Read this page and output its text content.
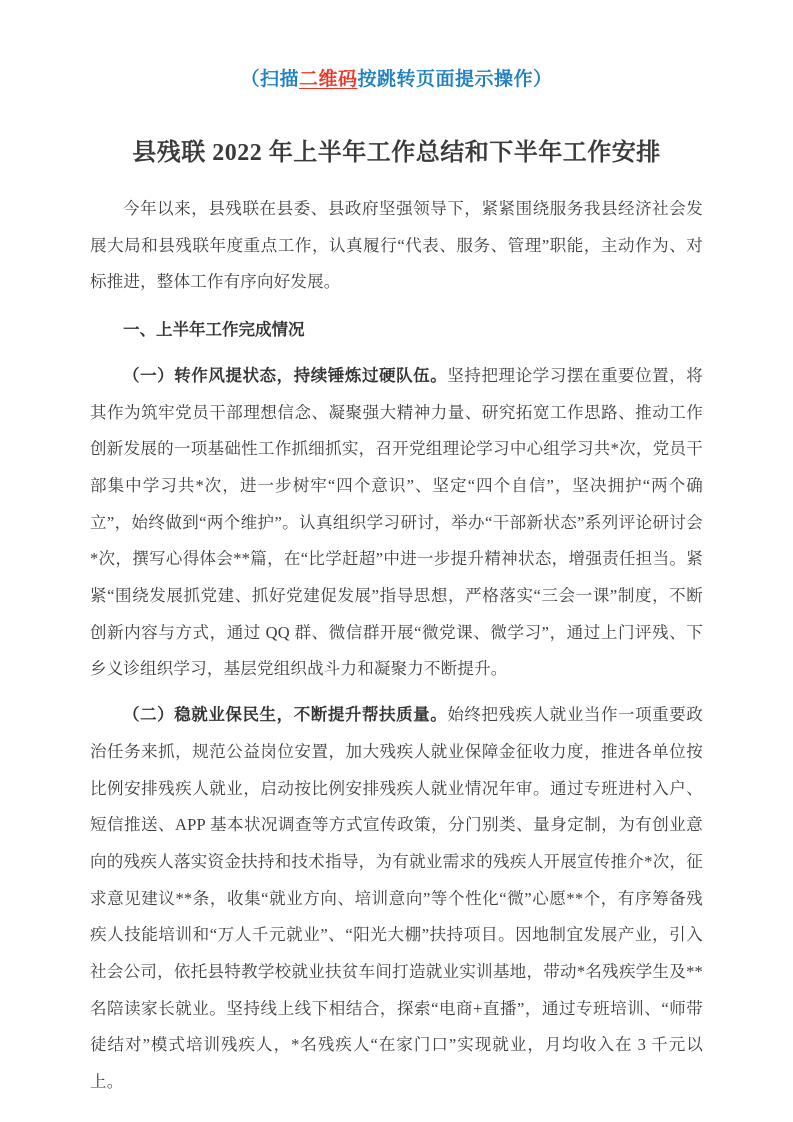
（扫描二维码按跳转页面提示操作）
县残联 2022 年上半年工作总结和下半年工作安排

今年以来，县残联在县委、县政府坚强领导下，紧紧围绕服务我县经济社会发展大局和县残联年度重点工作，认真履行“代表、服务、管理”职能，主动作为、对标推进，整体工作有序向好发展。

一、上半年工作完成情况

（一）转作风提状态，持续锤炼过硬队伍。坚持把理论学习摆在重要位置，将其作为筑牢党员干部理想信念、凝聚强大精神力量、研究拓宽工作思路、推动工作创新发展的一项基础性工作抓细抓实，召开党组理论学习中心组学习共*次，党员干部集中学习共*次，进一步树牢“四个意识”、坚定“四个自信”，坚决拥护“两个确立”，始终做到“两个维护”。认真组织学习研讨，举办“干部新状态”系列评论研讨会*次，撰写心得体会**篇，在“比学赶超”中进一步提升精神状态，增强责任担当。紧紧“围绕发展抓党建、抓好党建促发展”指导思想，严格落实“三会一课”制度，不断创新内容与方式，通过 QQ 群、微信群开展“微党课、微学习”，通过上门评残、下乡义诊组织学习，基层党组织战斗力和凝聚力不断提升。

（二）稳就业保民生，不断提升帮扶质量。始终把残疾人就业当作一项重要政治任务来抓，规范公益岗位安置，加大残疾人就业保障金征收力度，推进各单位按比例安排残疾人就业，启动按比例安排残疾人就业情况年审。通过专班进村入户、短信推送、APP 基本状况调查等方式宣传政策，分门别类、量身定制，为有创业意向的残疾人落实资金扶持和技术指导，为有就业需求的残疾人开展宣传推介*次，征求意见建议**条，收集“就业方向、培训意向”等个性化“微”心愿**个，有序筹备残疾人技能培训和“万人千元就业”、“阳光大棚”扶持项目。因地制宜发展产业，引入社会公司，依托县特教学校就业扶贫车间打造就业实训基地，带动*名残疾学生及**名陪读家长就业。坚持线上线下相结合，探索“电商+直播”，通过专班培训、“师带徒结对”模式培训残疾人，*名残疾人“在家门口”实现就业，月均收入在 3 千元以上。
